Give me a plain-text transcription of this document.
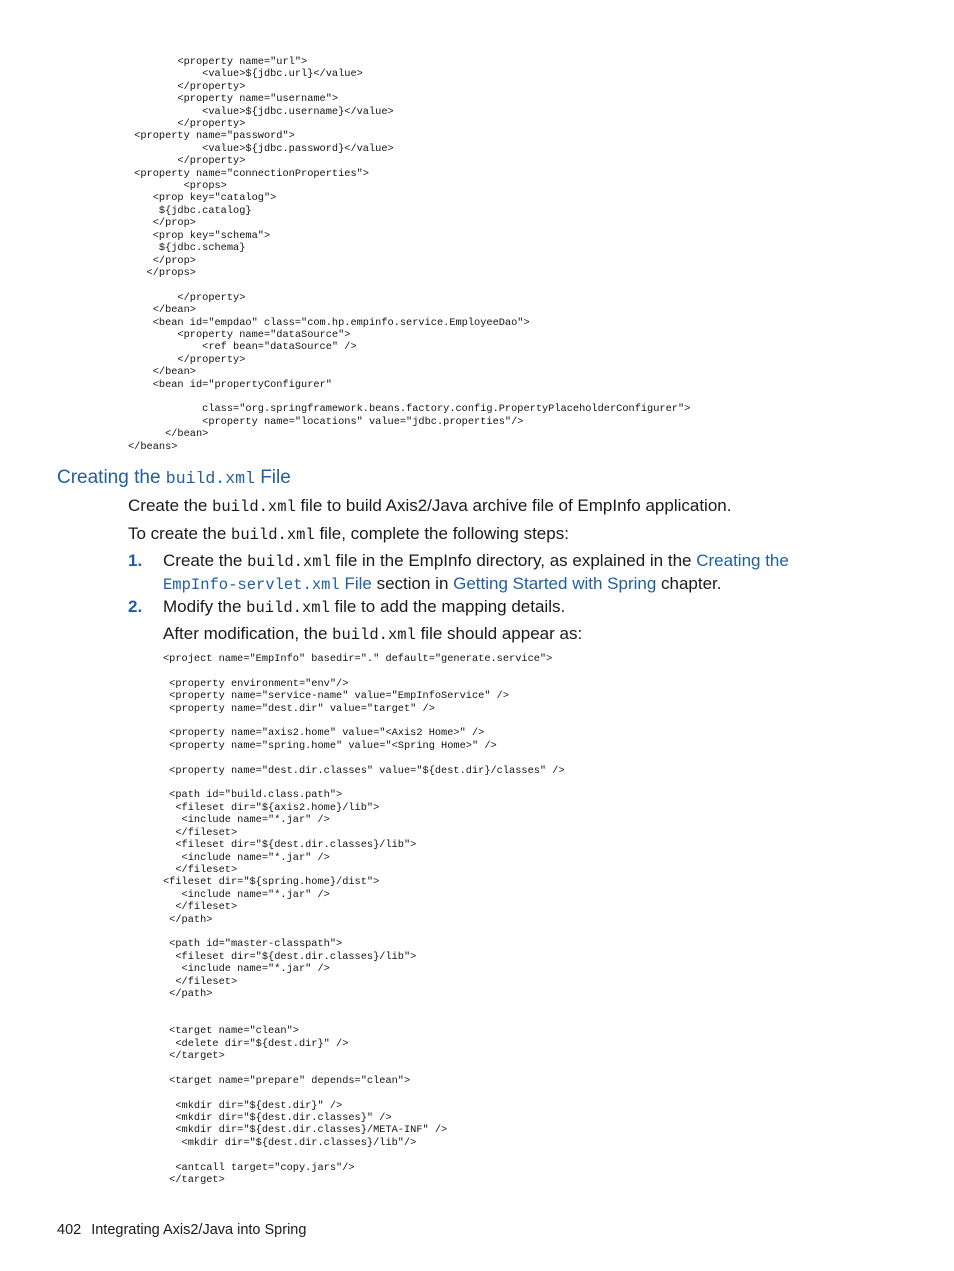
<property name="url">
<value>${jdbc.url}</value>
</property>
<property name="username">
<value>${jdbc.username}</value>
</property>
<property name="password">
<value>${jdbc.password}</value>
</property>
<property name="connectionProperties">
<props>
<prop key="catalog">
${jdbc.catalog}
</prop>
<prop key="schema">
${jdbc.schema}
</prop>
</props>

</property>
</bean>
<bean id="empdao" class="com.hp.empinfo.service.EmployeeDao">
<property name="dataSource">
<ref bean="dataSource" />
</property>
</bean>
<bean id="propertyConfigurer"

class="org.springframework.beans.factory.config.PropertyPlaceholderConfigurer">
<property name="locations" value="jdbc.properties"/>
</bean>
</beans>
Creating the build.xml File
Create the build.xml file to build Axis2/Java archive file of EmpInfo application.
To create the build.xml file, complete the following steps:
1. Create the build.xml file in the EmpInfo directory, as explained in the Creating the
EmpInfo-servlet.xml File section in Getting Started with Spring chapter.
2. Modify the build.xml file to add the mapping details.
After modification, the build.xml file should appear as:
<project name="EmpInfo" basedir="." default="generate.service">

<property environment="env"/>
<property name="service-name" value="EmpInfoService" />
<property name="dest.dir" value="target" />

<property name="axis2.home" value="<Axis2 Home>" />
<property name="spring.home" value="<Spring Home>" />

<property name="dest.dir.classes" value="${dest.dir}/classes" />

<path id="build.class.path">
<fileset dir="${axis2.home}/lib">
<include name="*.jar" />
</fileset>
<fileset dir="${dest.dir.classes}/lib">
<include name="*.jar" />
</fileset>
<fileset dir="${spring.home}/dist">
<include name="*.jar" />
</fileset>
</path>

<path id="master-classpath">
<fileset dir="${dest.dir.classes}/lib">
<include name="*.jar" />
</fileset>
</path>

<target name="clean">
<delete dir="${dest.dir}" />
</target>

<target name="prepare" depends="clean">

<mkdir dir="${dest.dir}" />
<mkdir dir="${dest.dir.classes}" />
<mkdir dir="${dest.dir.classes}/META-INF" />
<mkdir dir="${dest.dir.classes}/lib"/>

<antcall target="copy.jars"/>
</target>
402 Integrating Axis2/Java into Spring
